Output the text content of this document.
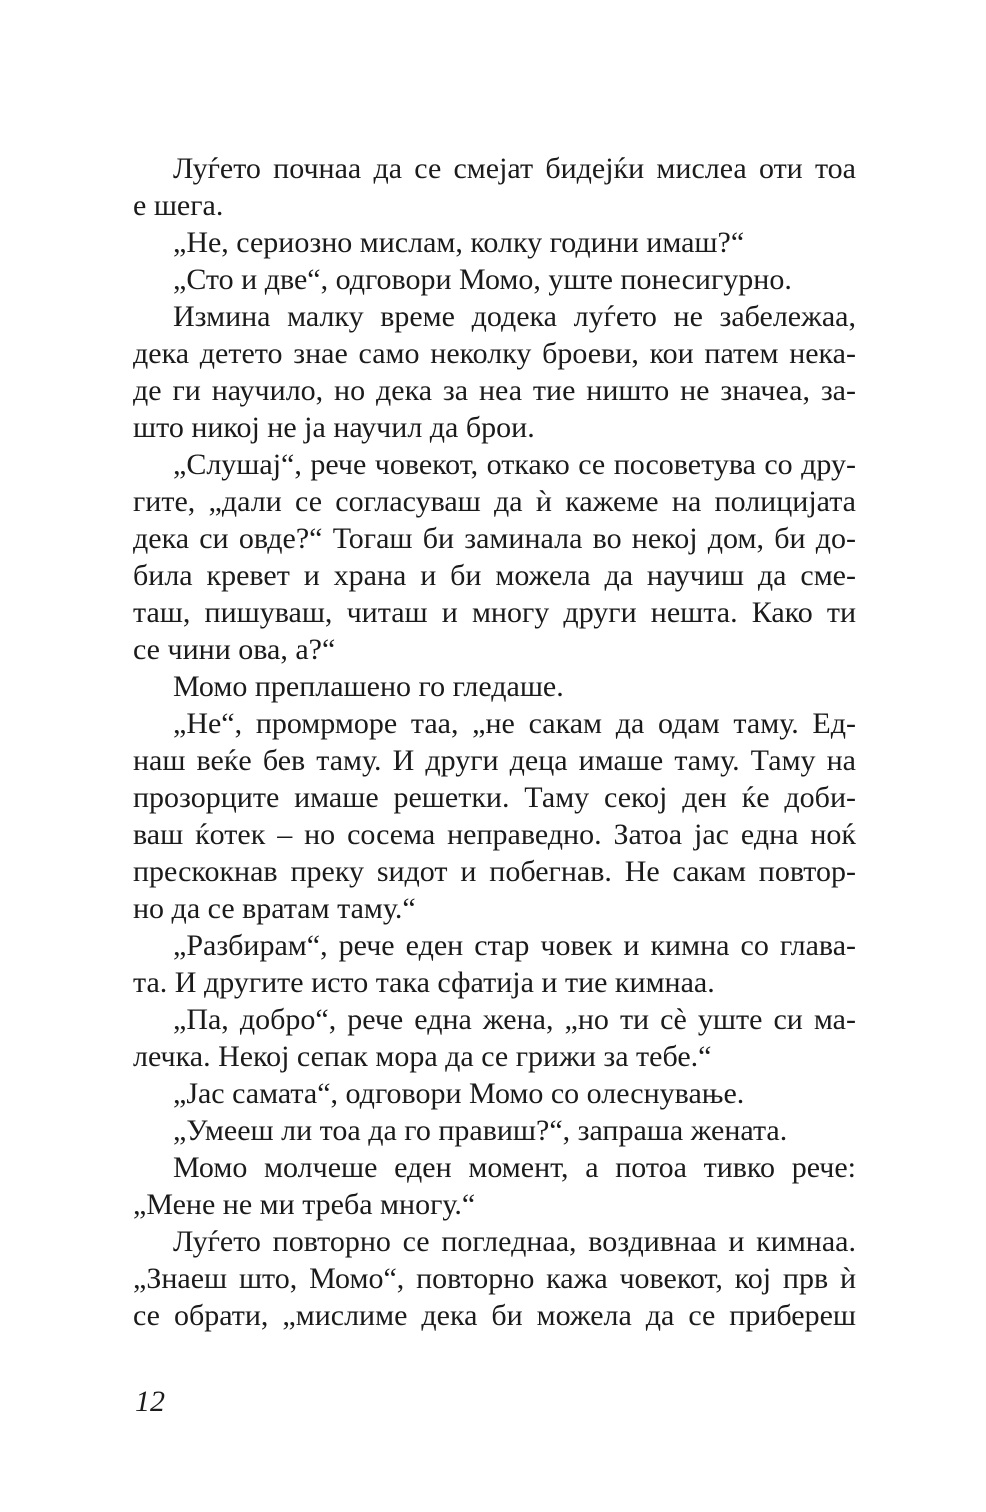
Луѓето почнаа да се смејат бидејќи мислеа оти тоа
е шега.
„Не, сериозно мислам, колку години имаш?“
„Сто и две“, одговори Момо, уште понесигурно.
Измина малку време додека луѓето не забележаа,
дека детето знае само неколку броеви, кои патем нека-
де ги научило, но дека за неа тие ништо не значеа, за-
што никој не ја научил да брои.
„Слушај“, рече човекот, откако се посоветува со дру-
гите, „дали се согласуваш да ѝ кажеме на полицијата
дека си овде?“ Тогаш би заминала во некој дом, би до-
била кревет и храна и би можела да научиш да сме-
таш, пишуваш, читаш и многу други нешта. Како ти
се чини ова, а?“
Момо преплашено го гледаше.
„Не“, промрморе таа, „не сакам да одам таму. Ед-
наш веќе бев таму. И други деца имаше таму. Таму на
прозорците имаше решетки. Таму секој ден ќе доби-
ваш ќотек – но сосема неправедно. Затоа јас една ноќ
прескокнав преку ѕидот и побегнав. Не сакам повтор-
но да се вратам таму.“
„Разбирам“, рече еден стар човек и кимна со глава-
та. И другите исто така сфатија и тие кимнаа.
„Па, добро“, рече една жена, „но ти сè уште си ма-
лечка. Некој сепак мора да се грижи за тебе.“
„Јас самата“, одговори Момо со олеснување.
„Умееш ли тоа да го правиш?“, запраша жената.
Момо молчеше еден момент, а потоа тивко рече:
„Мене не ми треба многу.“
Луѓето повторно се погледнаа, воздивнаа и кимнаа.
„Знаеш што, Момо“, повторно кажа човекот, кој прв ѝ
се обрати, „мислиме дека би можела да се прибереш
12
